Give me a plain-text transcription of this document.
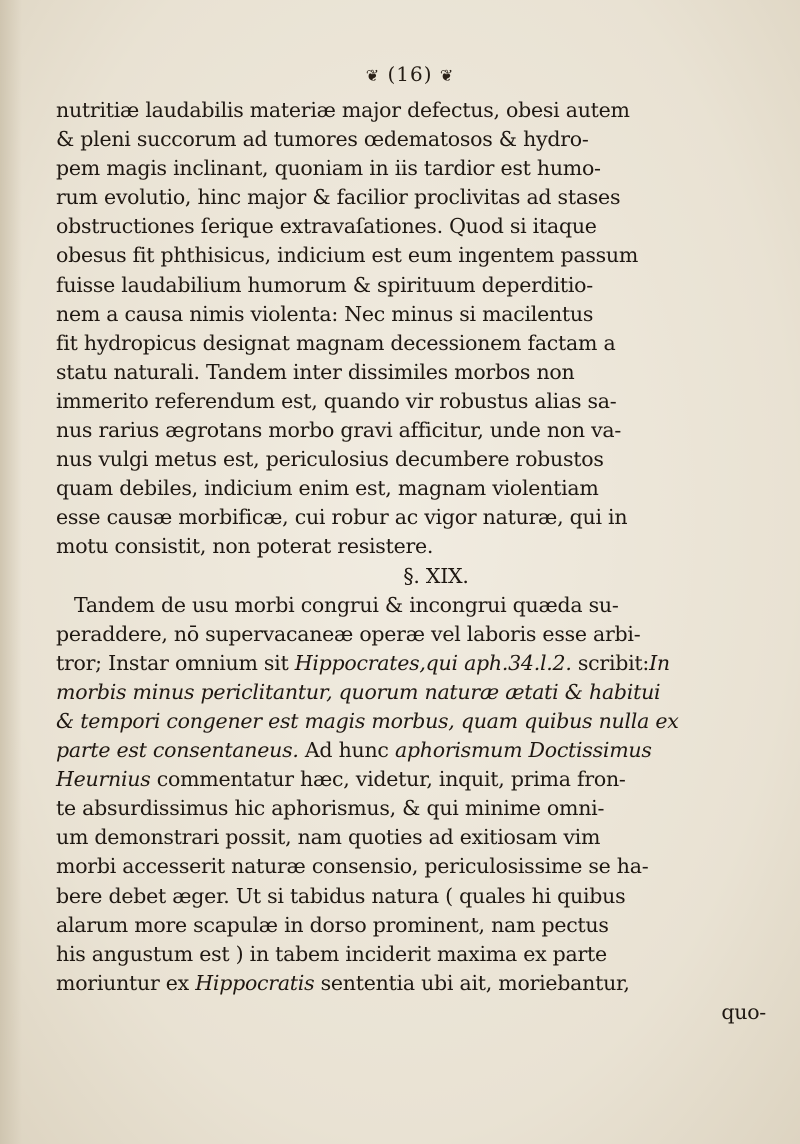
❦ (16) ❦
nutritiæ laudabilis materiæ major defectus, obesi autem
& pleni succorum ad tumores œdematosos & hydro-
pem magis inclinant, quoniam in iis tardior est humo-
rum evolutio, hinc major & facilior proclivitas ad stases
obstructiones ſerique extravaſationes. Quod si itaque
obesus fit phthisicus, indicium est eum ingentem passum
fuisse laudabilium humorum & spirituum deperditio-
nem a causa nimis violenta: Nec minus si macilentus
fit hydropicus designat magnam decessionem factam a
statu naturali. Tandem inter dissimiles morbos non
immerito referendum est, quando vir robustus alias sa-
nus rarius ægrotans morbo gravi afficitur, unde non va-
nus vulgi metus est, periculosius decumbere robustos
quam debiles, indicium enim est, magnam violentiam
esse causæ morbificæ, cui robur ac vigor naturæ, qui in
motu consistit, non poterat resistere.
§. XIX.
Tandem de usu morbi congrui & incongrui quæda su-
peraddere, nō supervacaneæ operæ vel laboris esse arbi-
tror; Instar omnium sit Hippocrates,qui aph.34.l.2. scribit:In
morbis minus periclitantur, quorum naturæ ætati & habitui
& tempori congener est magis morbus, quam quibus nulla ex
parte est consentaneus. Ad hunc aphorismum Doctissimus
Heurnius commentatur hæc, videtur, inquit, prima fron-
te absurdissimus hic aphorismus, & qui minime omni-
um demonstrari possit, nam quoties ad exitiosam vim
morbi accesserit naturæ consensio, periculosissime se ha-
bere debet æger. Ut si tabidus natura ( quales hi quibus
alarum more scapulæ in dorso prominent, nam pectus
his angustum est ) in tabem inciderit maxima ex parte
moriuntur ex Hippocratis sententia ubi ait, moriebantur,
quo-
